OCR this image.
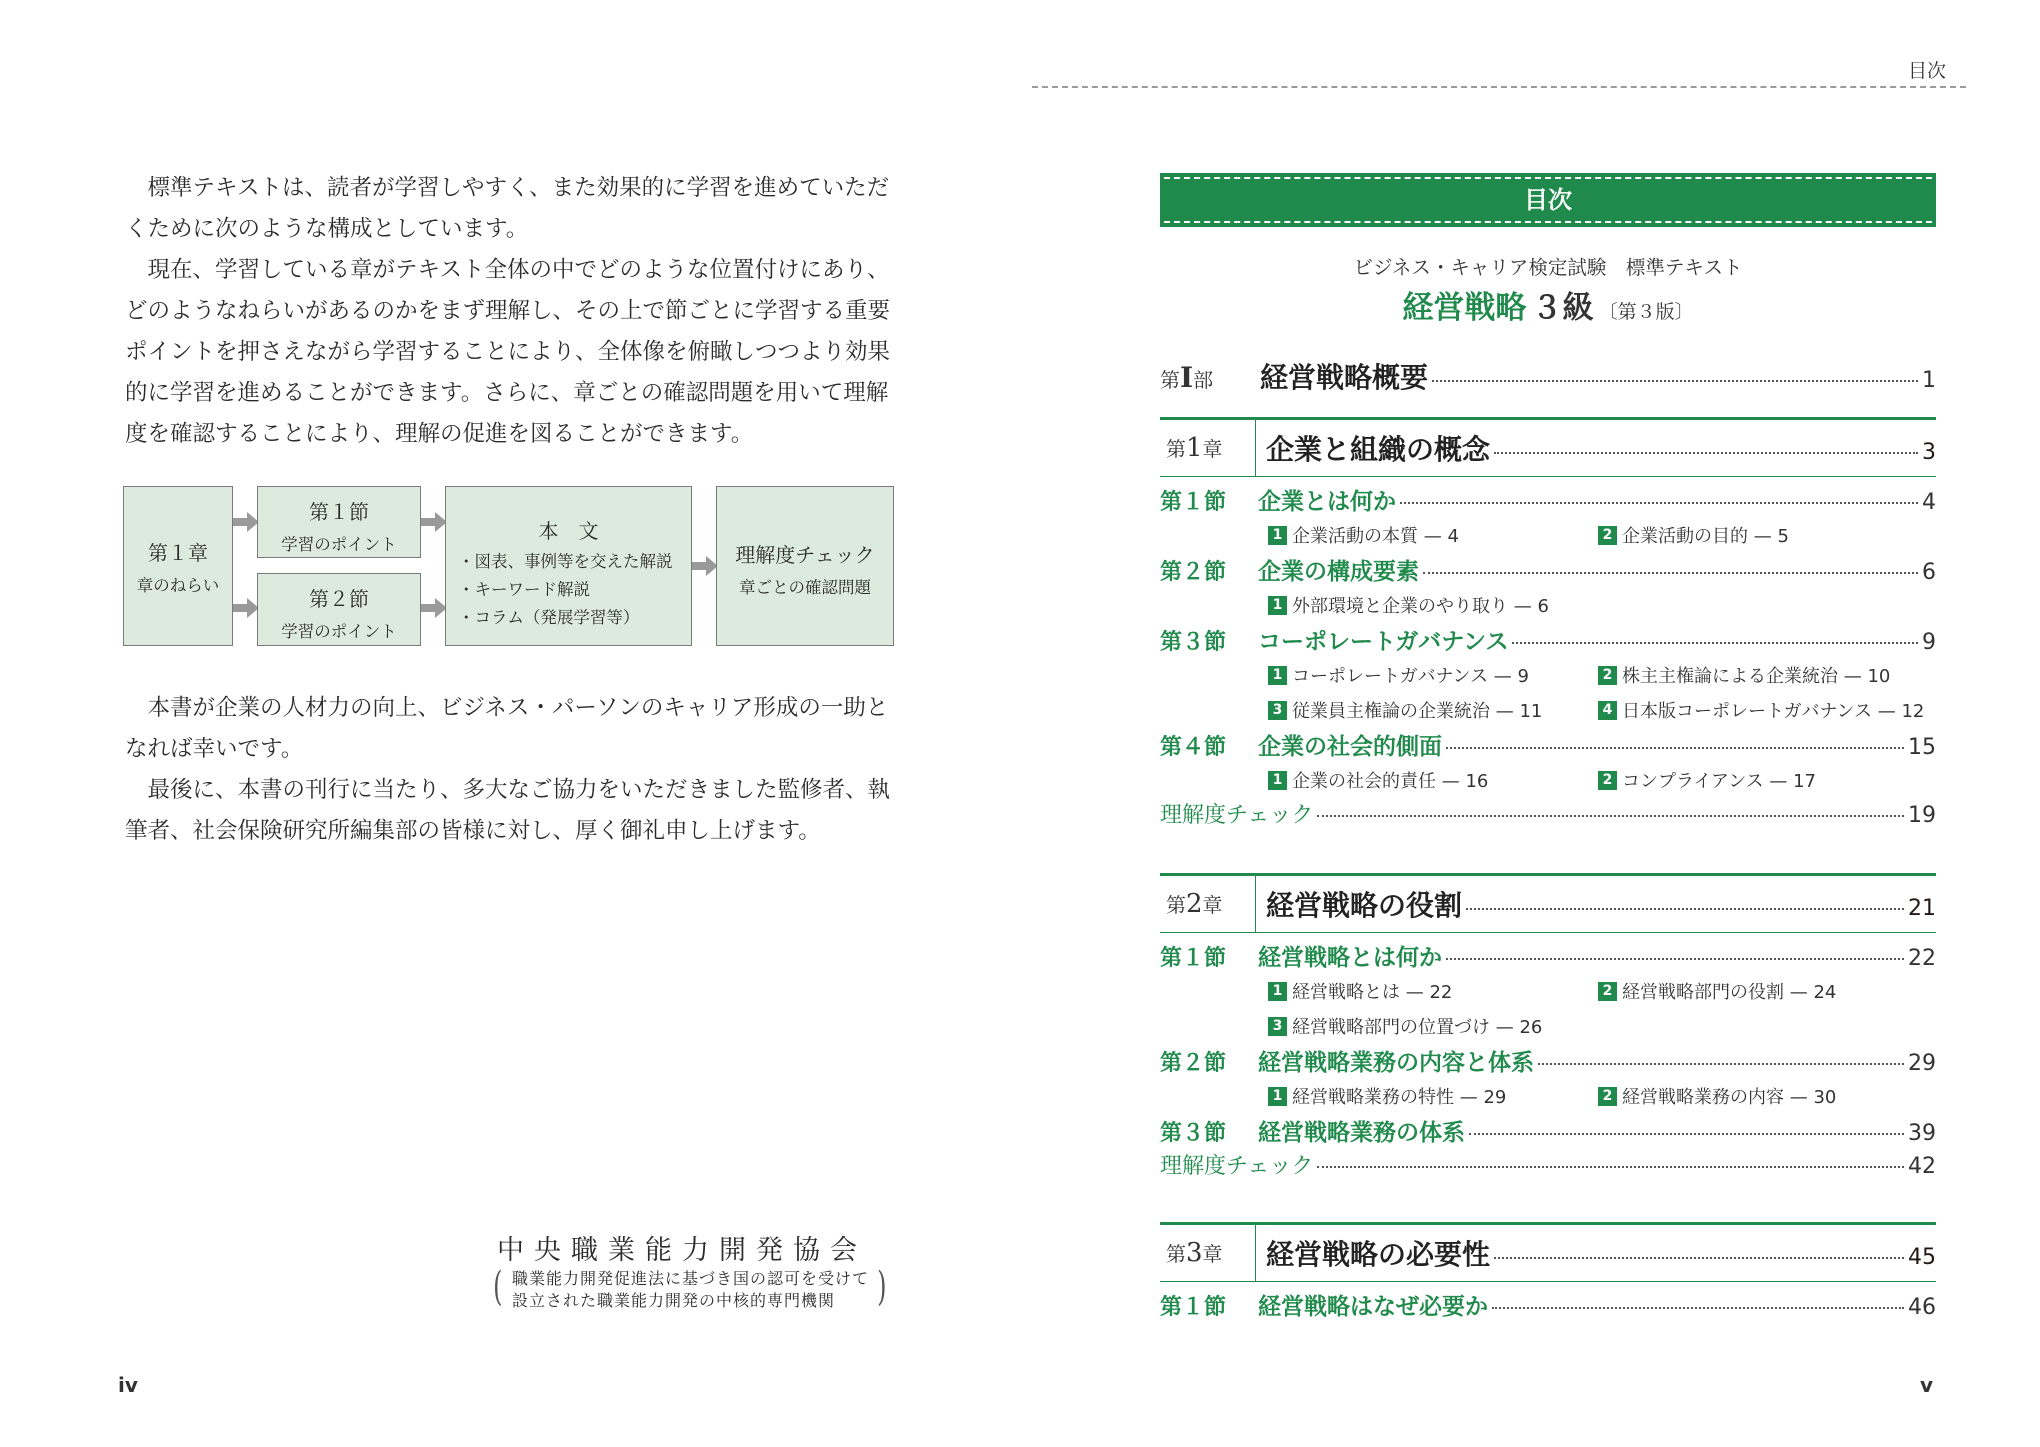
標準テキストは、読者が学習しやすく、また効果的に学習を進めていただくために次のような構成としています。

現在、学習している章がテキスト全体の中でどのような位置付けにあり、どのようなねらいがあるのかをまず理解し、その上で節ごとに学習する重要ポイントを押さえながら学習することにより、全体像を俯瞰しつつより効果的に学習を進めることができます。さらに、章ごとの確認問題を用いて理解度を確認することにより、理解の促進を図ることができます。

第１章
章のねらい
第１節
学習のポイント
第２節
学習のポイント
本　文
・図表、事例等を交えた解説
・キーワード解説
・コラム（発展学習等）
理解度チェック
章ごとの確認問題

本書が企業の人材力の向上、ビジネス・パーソンのキャリア形成の一助となれば幸いです。

最後に、本書の刊行に当たり、多大なご協力をいただきました監修者、執筆者、社会保険研究所編集部の皆様に対し、厚く御礼申し上げます。

中央職業能力開発協会
( 職業能力開発促進法に基づき国の認可を受けて
設立された職業能力開発の中核的専門機関	)
iv
目次
目次
ビジネス・キャリア検定試験　標準テキスト
経営戦略 ３級 〔第３版〕
第I部	経営戦略概要	1
第1章	企業と組織の概念	3
第１節	企業とは何か	4
1 企業活動の本質 — 4	2 企業活動の目的 — 5
第２節	企業の構成要素	6
1 外部環境と企業のやり取り — 6
第３節	コーポレートガバナンス	9
1 コーポレートガバナンス — 9	2 株主主権論による企業統治 — 10
3 従業員主権論の企業統治 — 11	4 日本版コーポレートガバナンス — 12
第４節	企業の社会的側面	15
1 企業の社会的責任 — 16	2 コンプライアンス — 17
理解度チェック	19
第2章	経営戦略の役割	21
第１節	経営戦略とは何か	22
1 経営戦略とは — 22	2 経営戦略部門の役割 — 24
3 経営戦略部門の位置づけ — 26
第２節	経営戦略業務の内容と体系	29
1 経営戦略業務の特性 — 29	2 経営戦略業務の内容 — 30
第３節	経営戦略業務の体系	39
理解度チェック	42
第3章	経営戦略の必要性	45
第１節	経営戦略はなぜ必要か	46
v
